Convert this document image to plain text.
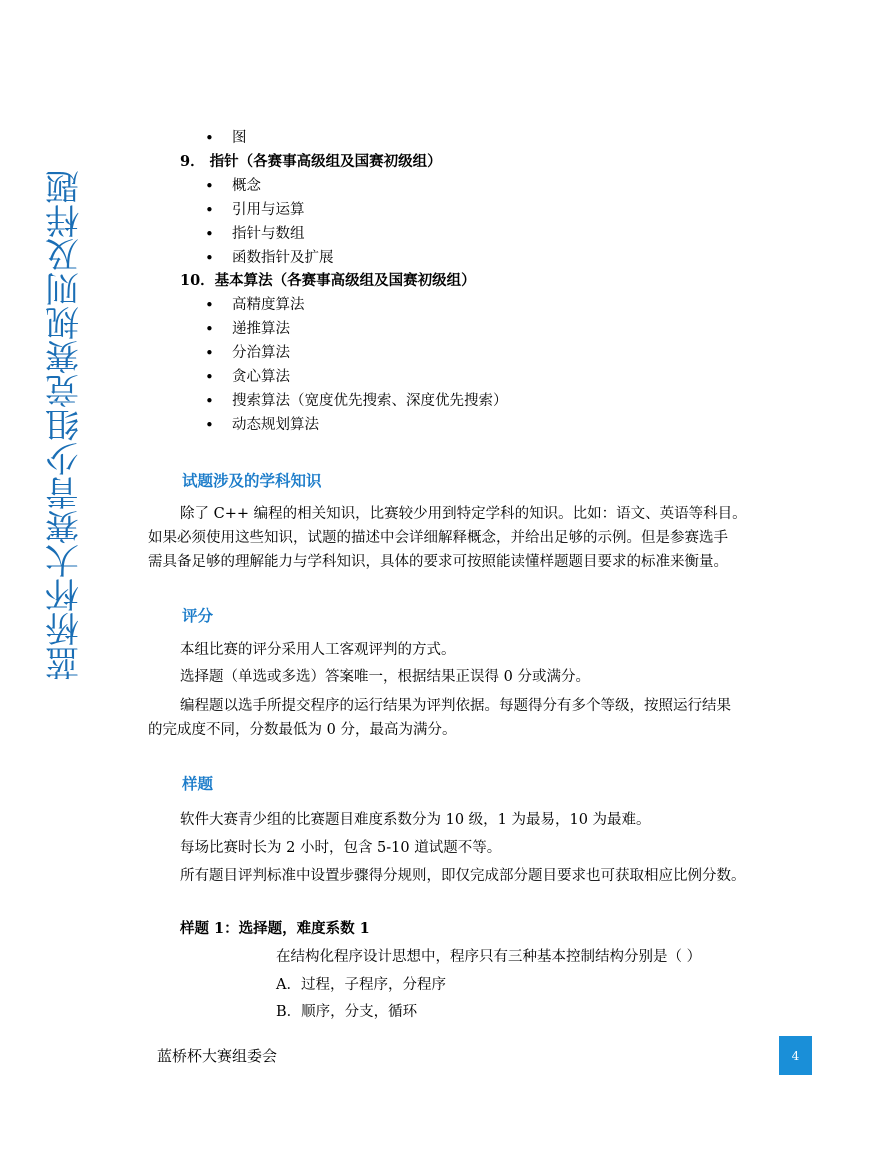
蓝桥杯大赛青少组竞赛规则及样题
图
9． 指针（各赛事高级组及国赛初级组）
概念
引用与运算
指针与数组
函数指针及扩展
10．基本算法（各赛事高级组及国赛初级组）
高精度算法
递推算法
分治算法
贪心算法
搜索算法（宽度优先搜索、深度优先搜索）
动态规划算法
试题涉及的学科知识
除了 C++ 编程的相关知识，比赛较少用到特定学科的知识。比如：语文、英语等科目。
如果必须使用这些知识，试题的描述中会详细解释概念，并给出足够的示例。但是参赛选手
需具备足够的理解能力与学科知识，具体的要求可按照能读懂样题题目要求的标准来衡量。
评分
本组比赛的评分采用人工客观评判的方式。
选择题（单选或多选）答案唯一，根据结果正误得 0 分或满分。
编程题以选手所提交程序的运行结果为评判依据。每题得分有多个等级，按照运行结果
的完成度不同，分数最低为 0 分，最高为满分。
样题
软件大赛青少组的比赛题目难度系数分为 10 级，1 为最易，10 为最难。
每场比赛时长为 2 小时，包含 5-10 道试题不等。
所有题目评判标准中设置步骤得分规则，即仅完成部分题目要求也可获取相应比例分数。
样题 1：选择题，难度系数 1
在结构化程序设计思想中，程序只有三种基本控制结构分别是（ ）
A．过程，子程序，分程序
B．顺序，分支，循环
蓝桥杯大赛组委会	4
